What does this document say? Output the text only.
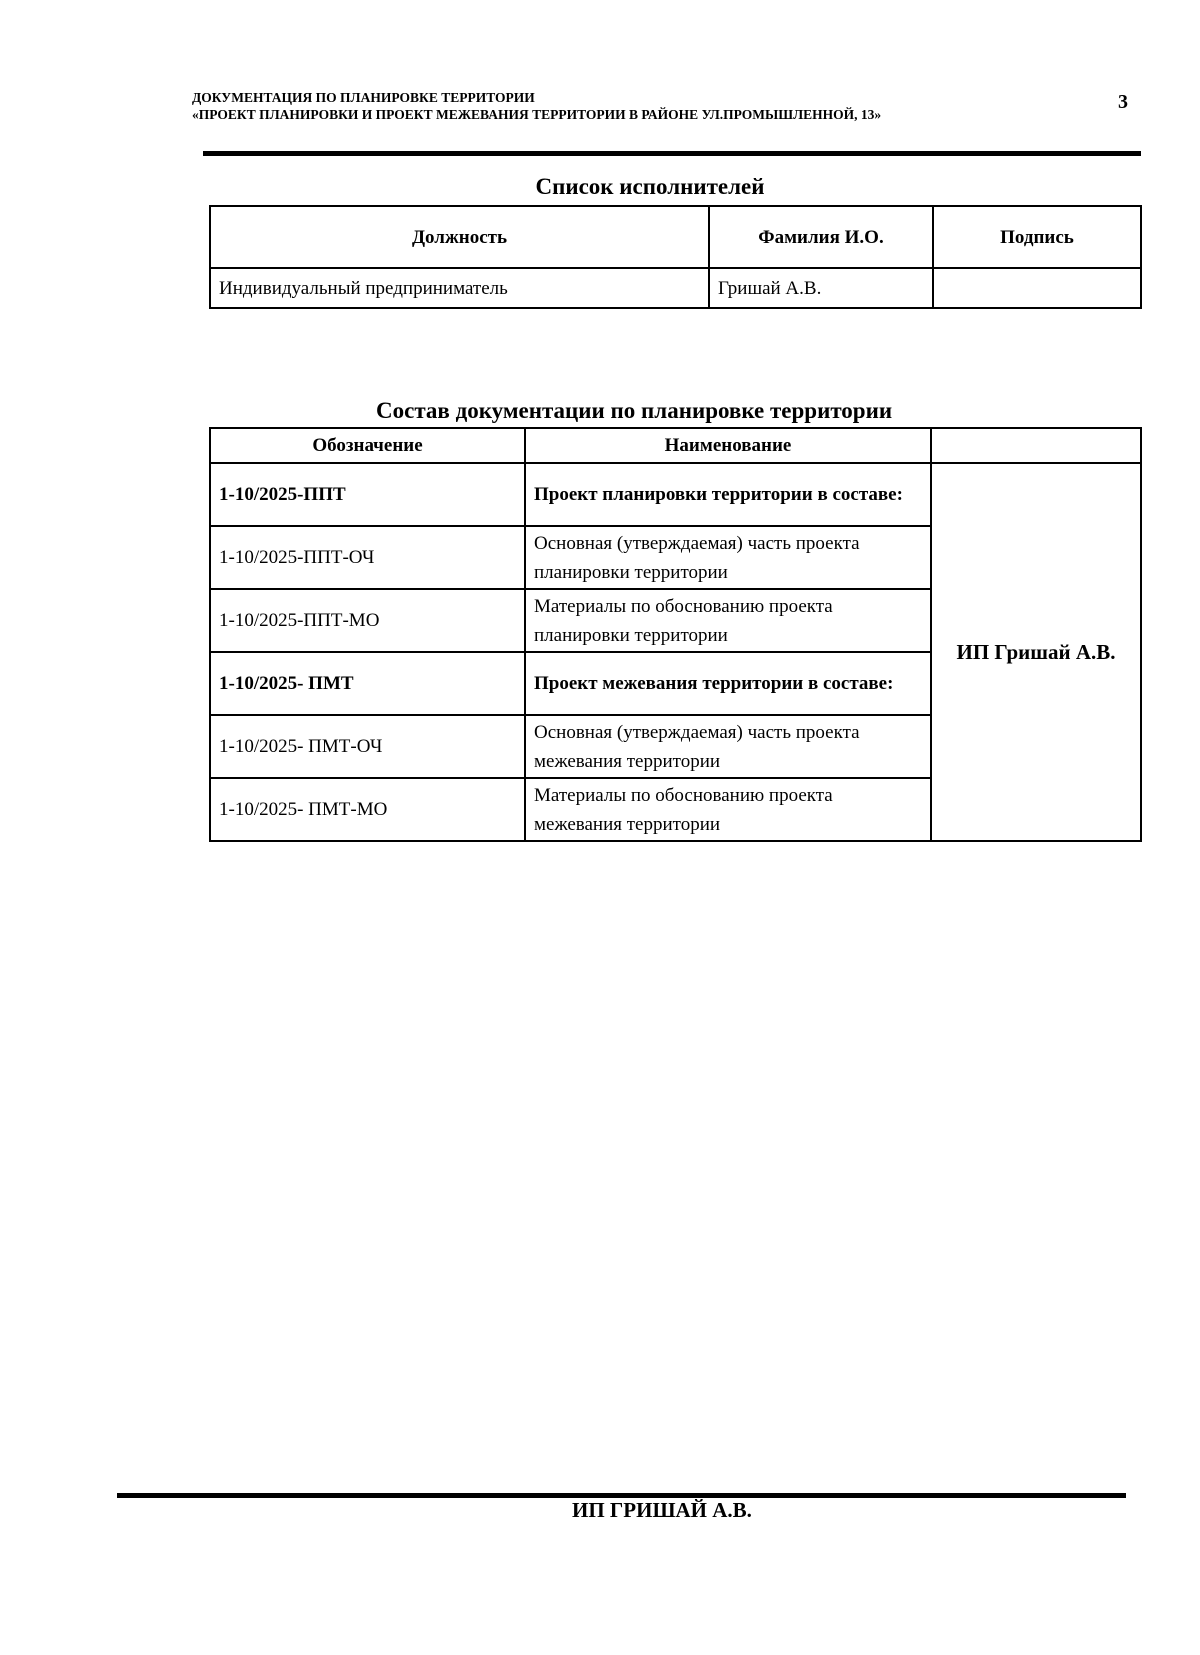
ДОКУМЕНТАЦИЯ ПО ПЛАНИРОВКЕ ТЕРРИТОРИИ
«ПРОЕКТ ПЛАНИРОВКИ И ПРОЕКТ МЕЖЕВАНИЯ ТЕРРИТОРИИ В РАЙОНЕ УЛ.ПРОМЫШЛЕННОЙ, 13»
3
Список исполнителей
Должность	Фамилия И.О.	Подпись
Индивидуальный предприниматель	Гришай А.В.	
Состав документации по планировке территории
Обозначение	Наименование	
1-10/2025-ППТ	Проект планировки территории в составе:	ИП Гришай А.В.
1-10/2025-ППТ-ОЧ	Основная (утверждаемая) часть проекта планировки территории	
1-10/2025-ППТ-МО	Материалы по обоснованию проекта планировки территории	
1-10/2025- ПМТ	Проект межевания территории в составе:	
1-10/2025- ПМТ-ОЧ	Основная (утверждаемая) часть проекта межевания территории	
1-10/2025- ПМТ-МО	Материалы по обоснованию проекта межевания территории	
ИП ГРИШАЙ А.В.
